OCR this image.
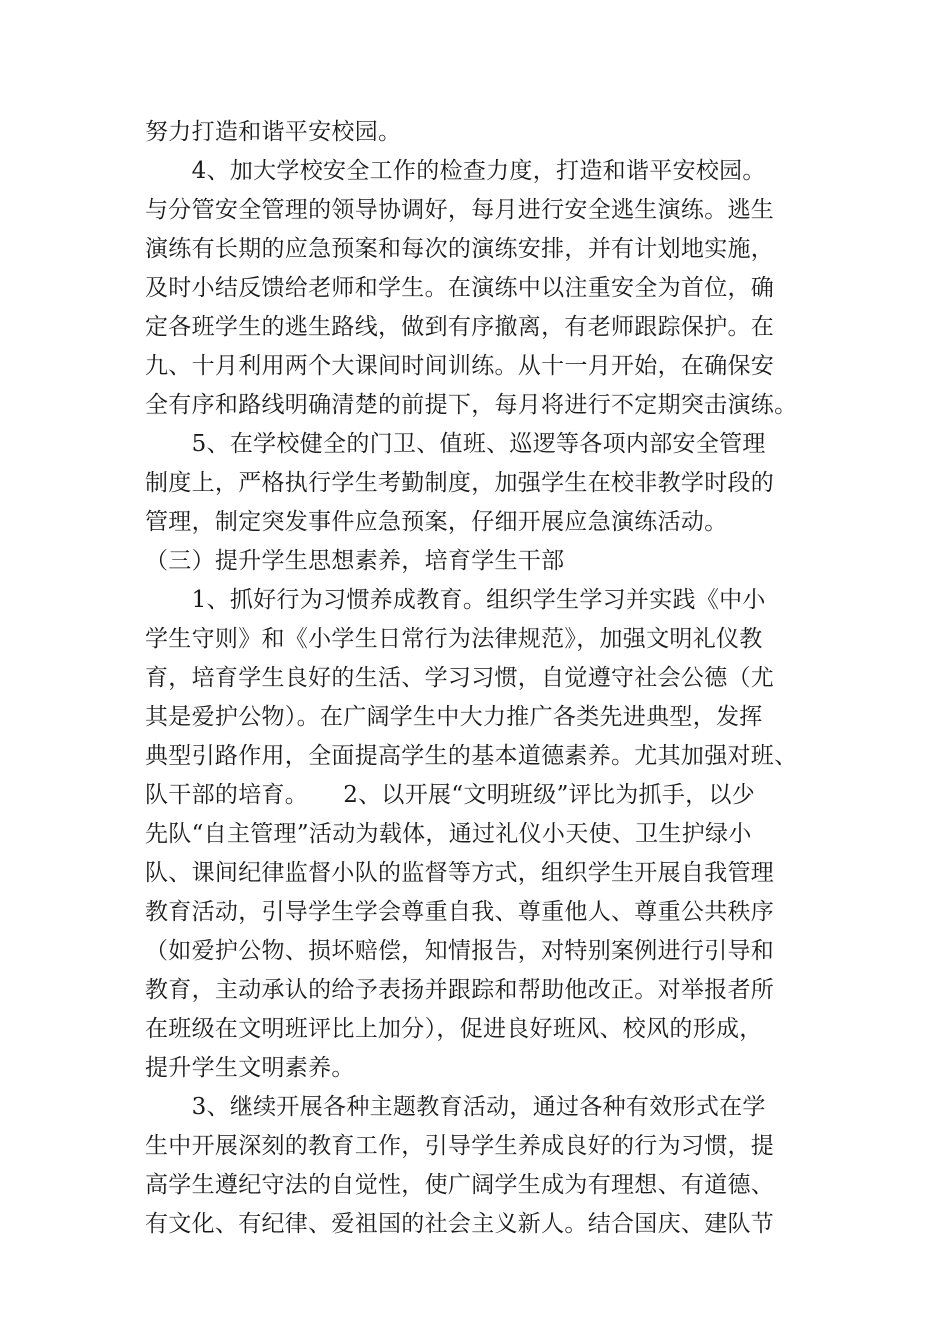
努力打造和谐平安校园。
　　4、加大学校安全工作的检查力度，打造和谐平安校园。
与分管安全管理的领导协调好，每月进行安全逃生演练。逃生
演练有长期的应急预案和每次的演练安排，并有计划地实施，
及时小结反馈给老师和学生。在演练中以注重安全为首位，确
定各班学生的逃生路线，做到有序撤离，有老师跟踪保护。在
九、十月利用两个大课间时间训练。从十一月开始，在确保安
全有序和路线明确清楚的前提下，每月将进行不定期突击演练。
　　5、在学校健全的门卫、值班、巡逻等各项内部安全管理
制度上，严格执行学生考勤制度，加强学生在校非教学时段的
管理，制定突发事件应急预案，仔细开展应急演练活动。
（三）提升学生思想素养，培育学生干部
　　1、抓好行为习惯养成教育。组织学生学习并实践《中小
学生守则》和《小学生日常行为法律规范》，加强文明礼仪教
育，培育学生良好的生活、学习习惯，自觉遵守社会公德（尤
其是爱护公物）。在广阔学生中大力推广各类先进典型，发挥
典型引路作用，全面提高学生的基本道德素养。尤其加强对班、
队干部的培育。　　2、以开展“文明班级”评比为抓手，以少
先队“自主管理”活动为载体，通过礼仪小天使、卫生护绿小
队、课间纪律监督小队的监督等方式，组织学生开展自我管理
教育活动，引导学生学会尊重自我、尊重他人、尊重公共秩序
（如爱护公物、损坏赔偿，知情报告，对特别案例进行引导和
教育，主动承认的给予表扬并跟踪和帮助他改正。对举报者所
在班级在文明班评比上加分），促进良好班风、校风的形成，
提升学生文明素养。
　　3、继续开展各种主题教育活动，通过各种有效形式在学
生中开展深刻的教育工作，引导学生养成良好的行为习惯，提
高学生遵纪守法的自觉性，使广阔学生成为有理想、有道德、
有文化、有纪律、爱祖国的社会主义新人。结合国庆、建队节
